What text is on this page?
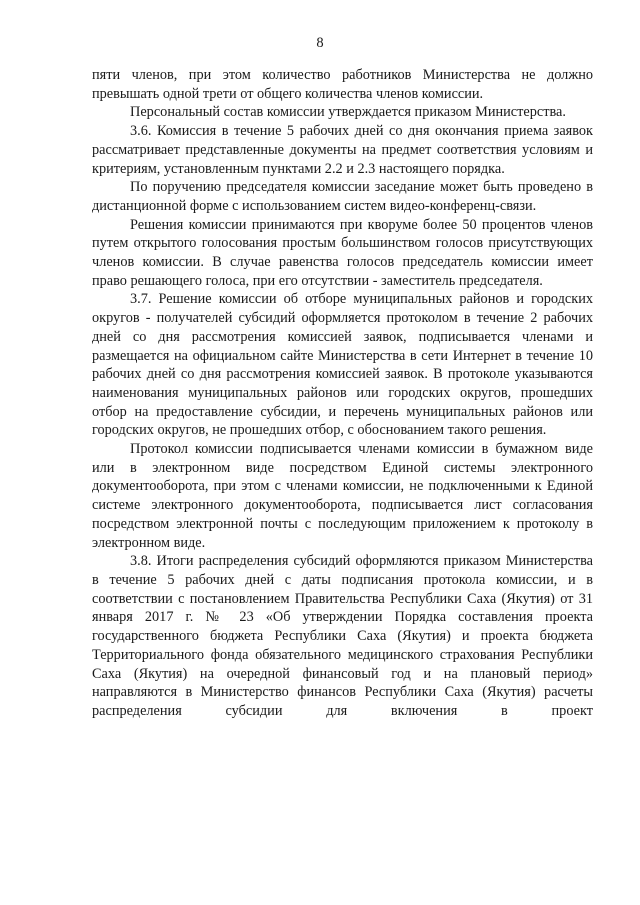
8

пяти членов, при этом количество работников Министерства не должно превышать одной трети от общего количества членов комиссии.

Персональный состав комиссии утверждается приказом Министерства.

3.6. Комиссия в течение 5 рабочих дней со дня окончания приема заявок рассматривает представленные документы на предмет соответствия условиям и критериям, установленным пунктами 2.2 и 2.3 настоящего порядка.

По поручению председателя комиссии заседание может быть проведено в дистанционной форме с использованием систем видео-конференц-связи.

Решения комиссии принимаются при кворуме более 50 процентов членов путем открытого голосования простым большинством голосов присутствующих членов комиссии. В случае равенства голосов председатель комиссии имеет право решающего голоса, при его отсутствии - заместитель председателя.

3.7. Решение комиссии об отборе муниципальных районов и городских округов - получателей субсидий оформляется протоколом в течение 2 рабочих дней со дня рассмотрения комиссией заявок, подписывается членами и размещается на официальном сайте Министерства в сети Интернет в течение 10 рабочих дней со дня рассмотрения комиссией заявок. В протоколе указываются наименования муниципальных районов или городских округов, прошедших отбор на предоставление субсидии, и перечень муниципальных районов или городских округов, не прошедших отбор, с обоснованием такого решения.

Протокол комиссии подписывается членами комиссии в бумажном виде или в электронном виде посредством Единой системы электронного документооборота, при этом с членами комиссии, не подключенными к Единой системе электронного документооборота, подписывается лист согласования посредством электронной почты с последующим приложением к протоколу в электронном виде.

3.8. Итоги распределения субсидий оформляются приказом Министерства в течение 5 рабочих дней с даты подписания протокола комиссии, и в соответствии с постановлением Правительства Республики Саха (Якутия) от 31 января 2017 г. № 23 «Об утверждении Порядка составления проекта государственного бюджета Республики Саха (Якутия) и проекта бюджета Территориального фонда обязательного медицинского страхования Республики Саха (Якутия) на очередной финансовый год и на плановый период» направляются в Министерство финансов Республики Саха (Якутия) расчеты распределения субсидии для включения в проект
